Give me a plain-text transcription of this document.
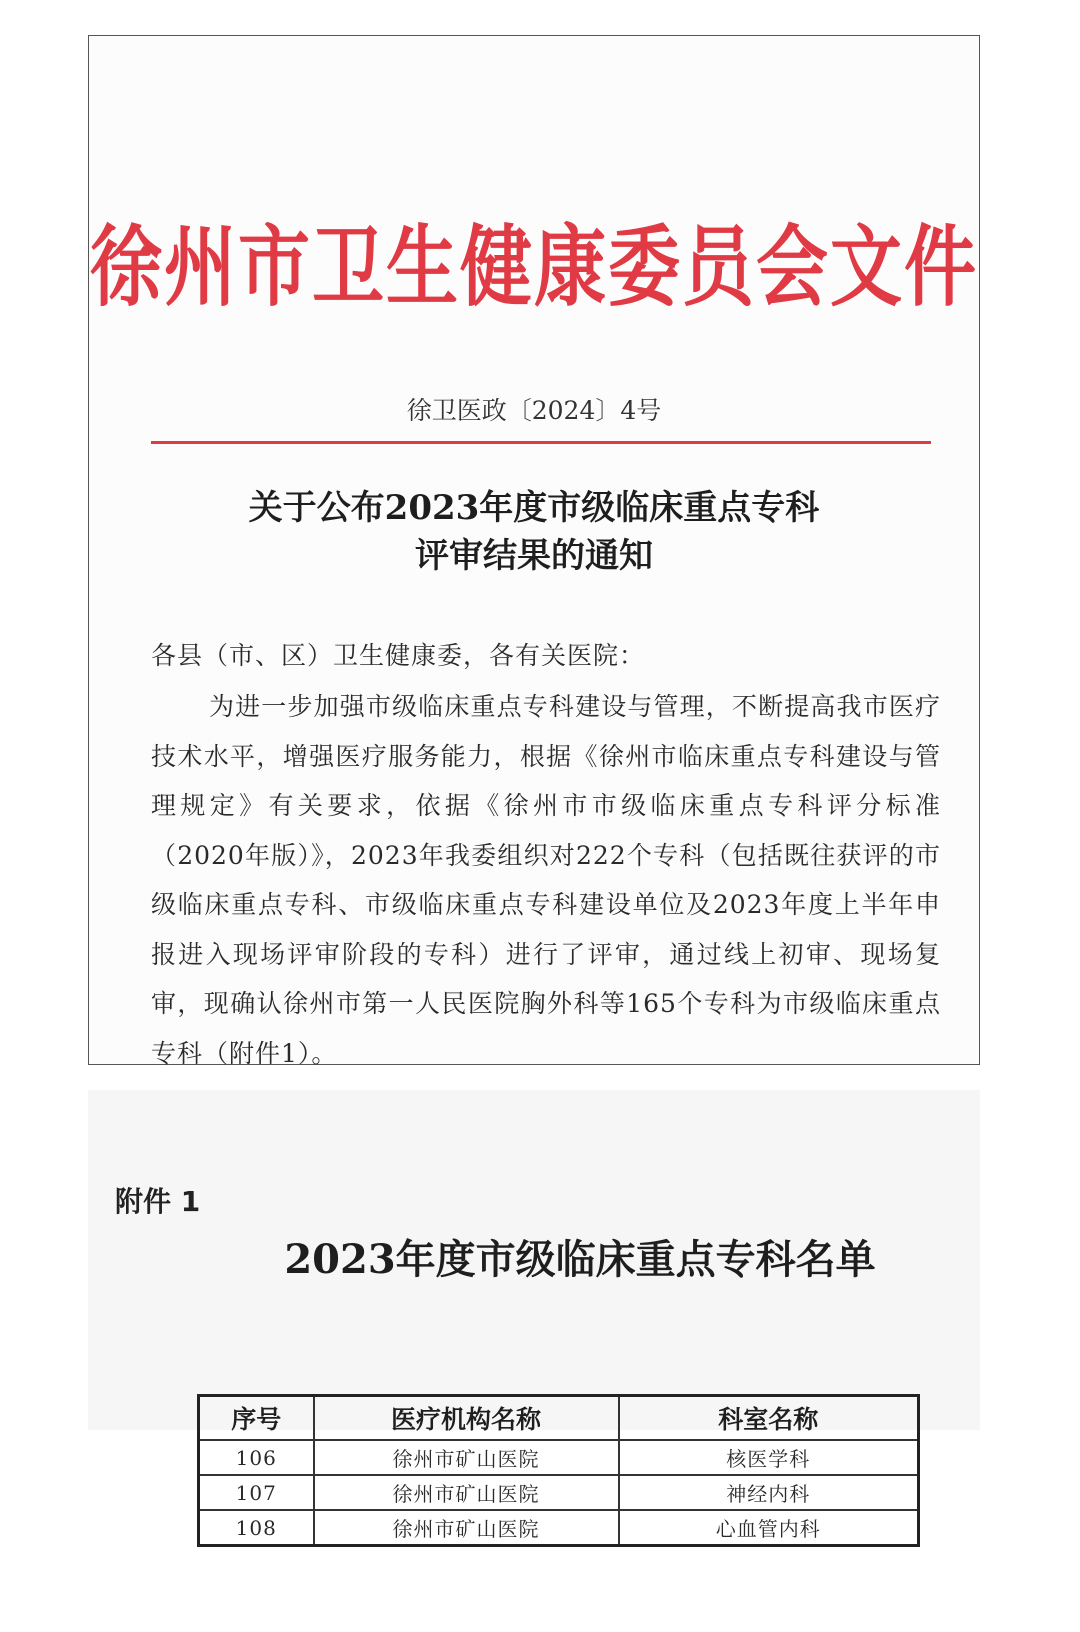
徐州市卫生健康委员会文件
徐卫医政〔2024〕4号
关于公布2023年度市级临床重点专科
评审结果的通知
各县（市、区）卫生健康委，各有关医院：
为进一步加强市级临床重点专科建设与管理，不断提高我市医疗技术水平，增强医疗服务能力，根据《徐州市临床重点专科建设与管理规定》有关要求，依据《徐州市市级临床重点专科评分标准（2020年版）》，2023年我委组织对222个专科（包括既往获评的市级临床重点专科、市级临床重点专科建设单位及2023年度上半年申报进入现场评审阶段的专科）进行了评审，通过线上初审、现场复审，现确认徐州市第一人民医院胸外科等165个专科为市级临床重点专科（附件1）。
附件 1
2023年度市级临床重点专科名单
序号	医疗机构名称	科室名称
106	徐州市矿山医院	核医学科
107	徐州市矿山医院	神经内科
108	徐州市矿山医院	心血管内科
